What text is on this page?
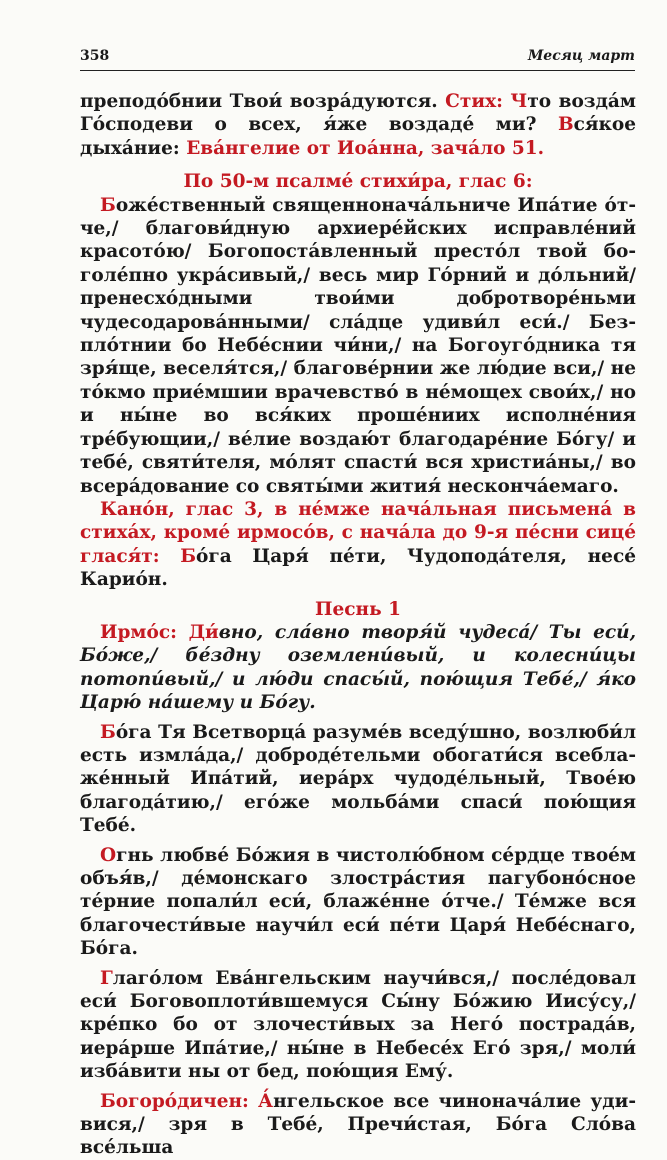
358	Месяц март

преподо́бнии Твои́ возра́дуются. Стих: Что возда́м Го́сподеви о всех, я́же воздаде́ ми? Вся́кое дыха́ние: Ева́нгелие от Иоа́нна, зача́ло 51.

По 50-м псалме́ стихи́ра, глас 6:

Боже́ственный священнонача́льниче Ипа́тие о́тче,/ благови́дную архиере́йских исправле́ний красото́ю/ Богопоста́вленный престо́л твой боголе́пно укра́сивый,/ весь мир Го́рний и до́льний/ пренесхо́дными твои́ми добротворе́ньми чудесодарова́нными/ сла́дце удиви́л еси́./ Безпло́тнии бо Небе́снии чи́ни,/ на Богоуго́дника тя зря́ще, веселя́тся,/ благове́рнии же лю́дие вси,/ не то́кмо прие́мшии врачевство́ в не́мощех свои́х,/ но и ны́не во вся́ких проше́ниих исполне́ния тре́бующии,/ ве́лие воздаю́т благодаре́ние Бо́гу/ и тебе́, святи́теля, мо́лят спасти́ вся христиа́ны,/ во всера́дование со святы́ми жития́ несконча́емаго.

Кано́н, глас 3, в не́мже нача́льная письмена́ в стиха́х, кроме́ ирмосо́в, с нача́ла до 9-я пе́сни сице́ глася́т: Бо́га Царя́ пе́ти, Чудоподáтеля, несе́ Карио́н.

Песнь 1

Ирмо́с: Ди́вно, сла́вно творя́й чудеса́/ Ты еси́, Бо́же,/ бе́здну оземлени́вый, и колесни́цы потопи́вый,/ и лю́ди спасы́й, пою́щия Тебе́,/ я́ко Царю́ на́шему и Бо́гу.

Бо́га Тя Всетворца́ разуме́в вседу́шно, возлюби́л есть измла́да,/ доброде́тельми обогати́ся всеблаже́нный Ипа́тий, иера́рх чудоде́льный, Твое́ю благода́тию,/ его́же мольба́ми спаси́ пою́щия Тебе́.

Огнь любве́ Бо́жия в чистолю́бном се́рдце твое́м объя́в,/ де́монскаго злостра́стия пагубоно́сное те́рние попали́л еси́, блаже́нне о́тче./ Те́мже вся благочести́вые научи́л еси́ пе́ти Царя́ Небе́снаго, Бо́га.

Глаго́лом Ева́нгельским научи́вся,/ после́довал еси́ Боговоплоти́вшемуся Сы́ну Бо́жию Иису́су,/ кре́пко бо от злочести́вых за Него́ пострада́в, иера́рше Ипа́тие,/ ны́не в Небесе́х Его́ зря,/ моли́ изба́вити ны от бед, пою́щия Ему́.

Богоро́дичен: А́нгельское все чинонача́лие удивися,/ зря в Тебе́, Пречи́стая, Бо́га Сло́ва все́льша
